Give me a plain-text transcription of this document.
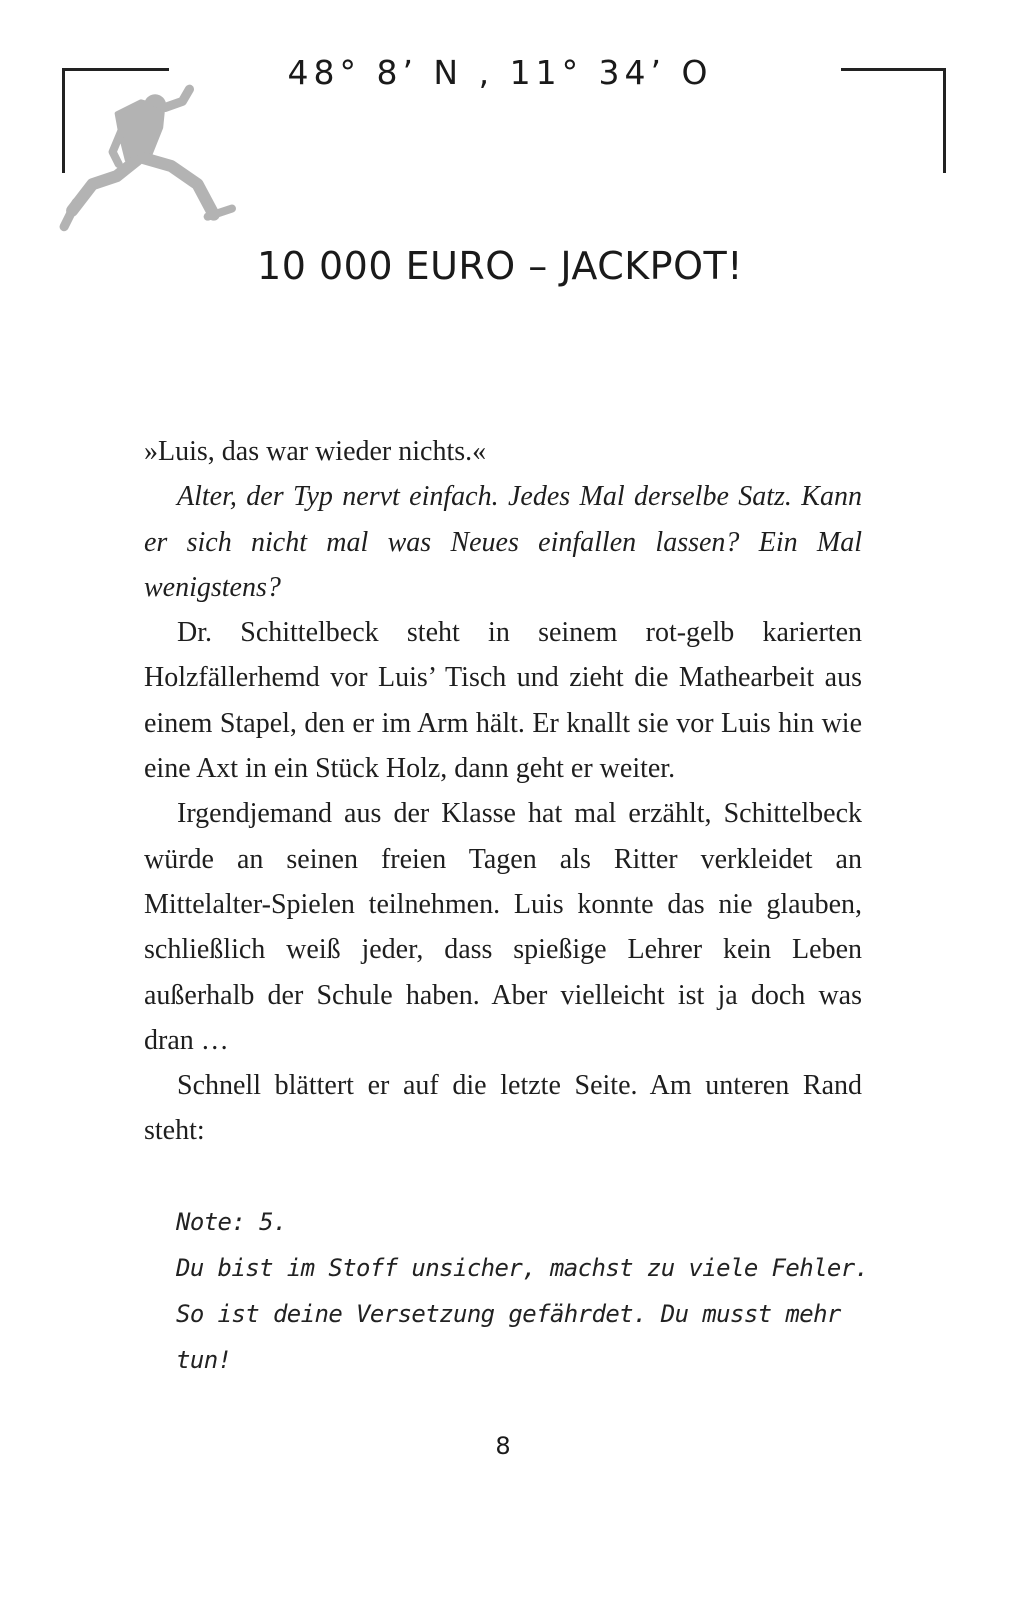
48° 8’ N , 11° 34’ O
10 000 EURO – JACKPOT!

»Luis, das war wieder nichts.«

Alter, der Typ nervt einfach. Jedes Mal derselbe Satz. Kann er sich nicht mal was Neues einfallen lassen? Ein Mal wenigstens?

Dr. Schittelbeck steht in seinem rot-gelb karierten Holzfällerhemd vor Luis’ Tisch und zieht die Mathearbeit aus einem Stapel, den er im Arm hält. Er knallt sie vor Luis hin wie eine Axt in ein Stück Holz, dann geht er weiter.

Irgendjemand aus der Klasse hat mal erzählt, Schittelbeck würde an seinen freien Tagen als Ritter verkleidet an Mittelalter-Spielen teilnehmen. Luis konnte das nie glauben, schließlich weiß jeder, dass spießige Lehrer kein Leben außerhalb der Schule haben. Aber vielleicht ist ja doch was dran …

Schnell blättert er auf die letzte Seite. Am unteren Rand steht:

Note: 5.

Du bist im Stoff unsicher, machst zu viele Fehler. So ist deine Versetzung gefährdet. Du musst mehr tun!

8
